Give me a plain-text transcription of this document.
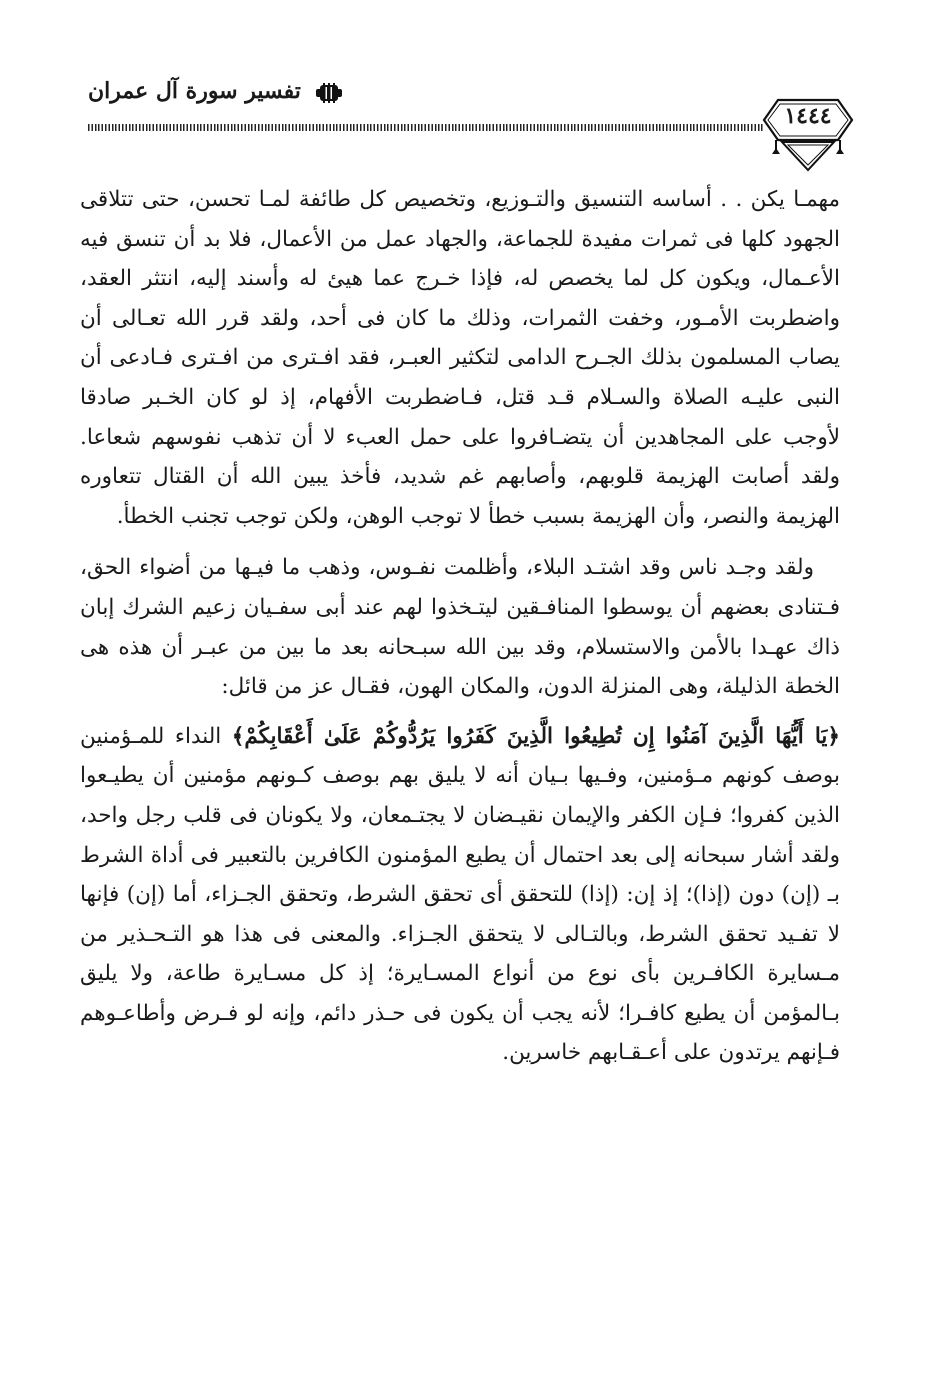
تفسير سورة آل عمران
١٤٤٤

مهمـا يكن . . أساسه التنسيق والتـوزيع، وتخصيص كل طائفة لمـا تحسن، حتى تتلاقى الجهود كلها فى ثمرات مفيدة للجماعة، والجهاد عمل من الأعمال، فلا بد أن تنسق فيه الأعـمال، ويكون كل لما يخصص له، فإذا خـرج عما هيئ له وأسند إليه، انتثر العقد، واضطربت الأمـور، وخفت الثمرات، وذلك ما كان فى أحد، ولقد قرر الله تعـالى أن يصاب المسلمون بذلك الجـرح الدامى لتكثير العبـر، فقد افـترى من افـترى فـادعى أن النبى عليـه الصلاة والسـلام قـد قتل، فـاضطربت الأفهام، إذ لو كان الخـبر صادقا لأوجب على المجاهدين أن يتضـافروا على حمل العبء لا أن تذهب نفوسهم شعاعا. ولقد أصابت الهزيمة قلوبهم، وأصابهم غم شديد، فأخذ يبين الله أن القتال تتعاوره الهزيمة والنصر، وأن الهزيمة بسبب خطأ لا توجب الوهن، ولكن توجب تجنب الخطأ.

ولقد وجـد ناس وقد اشتـد البلاء، وأظلمت نفـوس، وذهب ما فيـها من أضواء الحق، فـتنادى بعضهم أن يوسطوا المنافـقين ليتـخذوا لهم عند أبى سفـيان زعيم الشرك إبان ذاك عهـدا بالأمن والاستسلام، وقد بين الله سبـحانه بعد ما بين من عبـر أن هذه هى الخطة الذليلة، وهى المنزلة الدون، والمكان الهون، فقـال عز من قائل:

﴿يَا أَيُّهَا الَّذِينَ آمَنُوا إِن تُطِيعُوا الَّذِينَ كَفَرُوا يَرُدُّوكُمْ عَلَىٰ أَعْقَابِكُمْ﴾ النداء للمـؤمنين بوصف كونهم مـؤمنين، وفـيها بـيان أنه لا يليق بهم بوصف كـونهم مؤمنين أن يطيـعوا الذين كفروا؛ فـإن الكفر والإيمان نقيـضان لا يجتـمعان، ولا يكونان فى قلب رجل واحد، ولقد أشار سبحانه إلى بعد احتمال أن يطيع المؤمنون الكافرين بالتعبير فى أداة الشرط بـ (إن) دون (إذا)؛ إذ إن: (إذا) للتحقق أى تحقق الشرط، وتحقق الجـزاء، أما (إن) فإنها لا تفـيد تحقق الشرط، وبالتـالى لا يتحقق الجـزاء. والمعنى فى هذا هو التـحـذير من مـسايرة الكافـرين بأى نوع من أنواع المسـايرة؛ إذ كل مسـايرة طاعة، ولا يليق بـالمؤمن أن يطيع كافـرا؛ لأنه يجب أن يكون فى حـذر دائم، وإنه لو فـرض وأطاعـوهم فـإنهم يرتدون على أعـقـابهم خاسرين.
